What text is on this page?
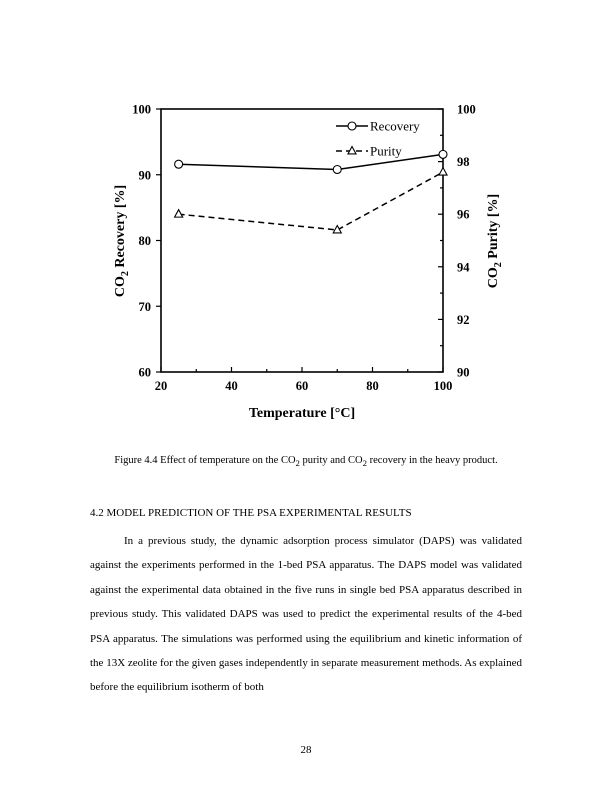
20	40	60	80	100
60
70
80
90
100
90
92
94
96
98
100
Recovery
Purity
Temperature [°C]
$CO_2$ Recovery [%]
$CO_2$ Purity [%]
Figure 4.4 Effect of temperature on the $CO_2$ purity and $CO_2$ recovery in the heavy product.
4.2 MODEL PREDICTION OF THE PSA EXPERIMENTAL RESULTS

In a previous study, the dynamic adsorption process simulator (DAPS) was validated against the experiments performed in the 1-bed PSA apparatus. The DAPS model was validated against the experimental data obtained in the five runs in single bed PSA apparatus described in previous study. This validated DAPS was used to predict the experimental results of the 4-bed PSA apparatus. The simulations was performed using the equilibrium and kinetic information of the 13X zeolite for the given gases independently in separate measurement methods. As explained before the equilibrium isotherm of both

28
